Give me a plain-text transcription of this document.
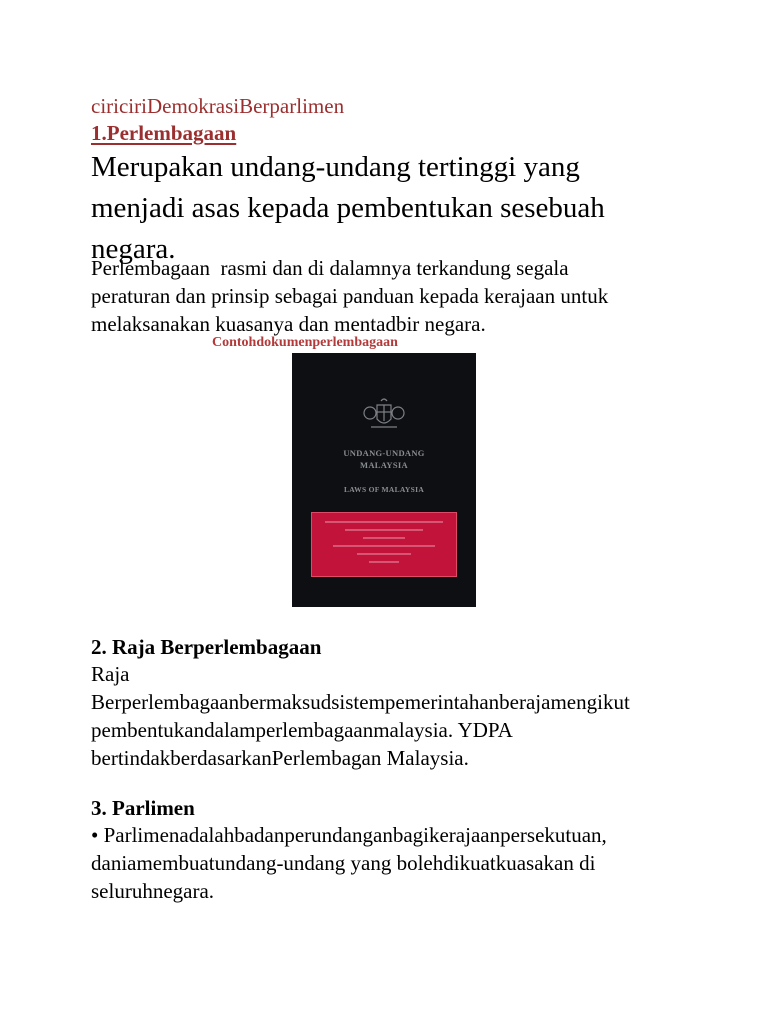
ciriciriDemokrasiBerparlimen

1.Perlembagaan

Merupakan undang-undang tertinggi yang
menjadi asas kepada pembentukan sesebuah
negara.

Perlembagaan  rasmi dan di dalamnya terkandung segala
peraturan dan prinsip sebagai panduan kepada kerajaan untuk
melaksanakan kuasanya dan mentadbir negara.

Contohdokumenperlembagaan
UNDANG-UNDANG
MALAYSIA
LAWS OF MALAYSIA

2. Raja Berperlembagaan

Raja
Berperlembagaanbermaksudsistempemerintahanberajamengikut
pembentukandalamperlembagaanmalaysia. YDPA
bertindakberdasarkanPerlembagan Malaysia.

3. Parlimen

• Parlimenadalahbadanperundanganbagikerajaanpersekutuan,
daniamembuatundang-undang yang bolehdikuatkuasakan di
seluruhnegara.
